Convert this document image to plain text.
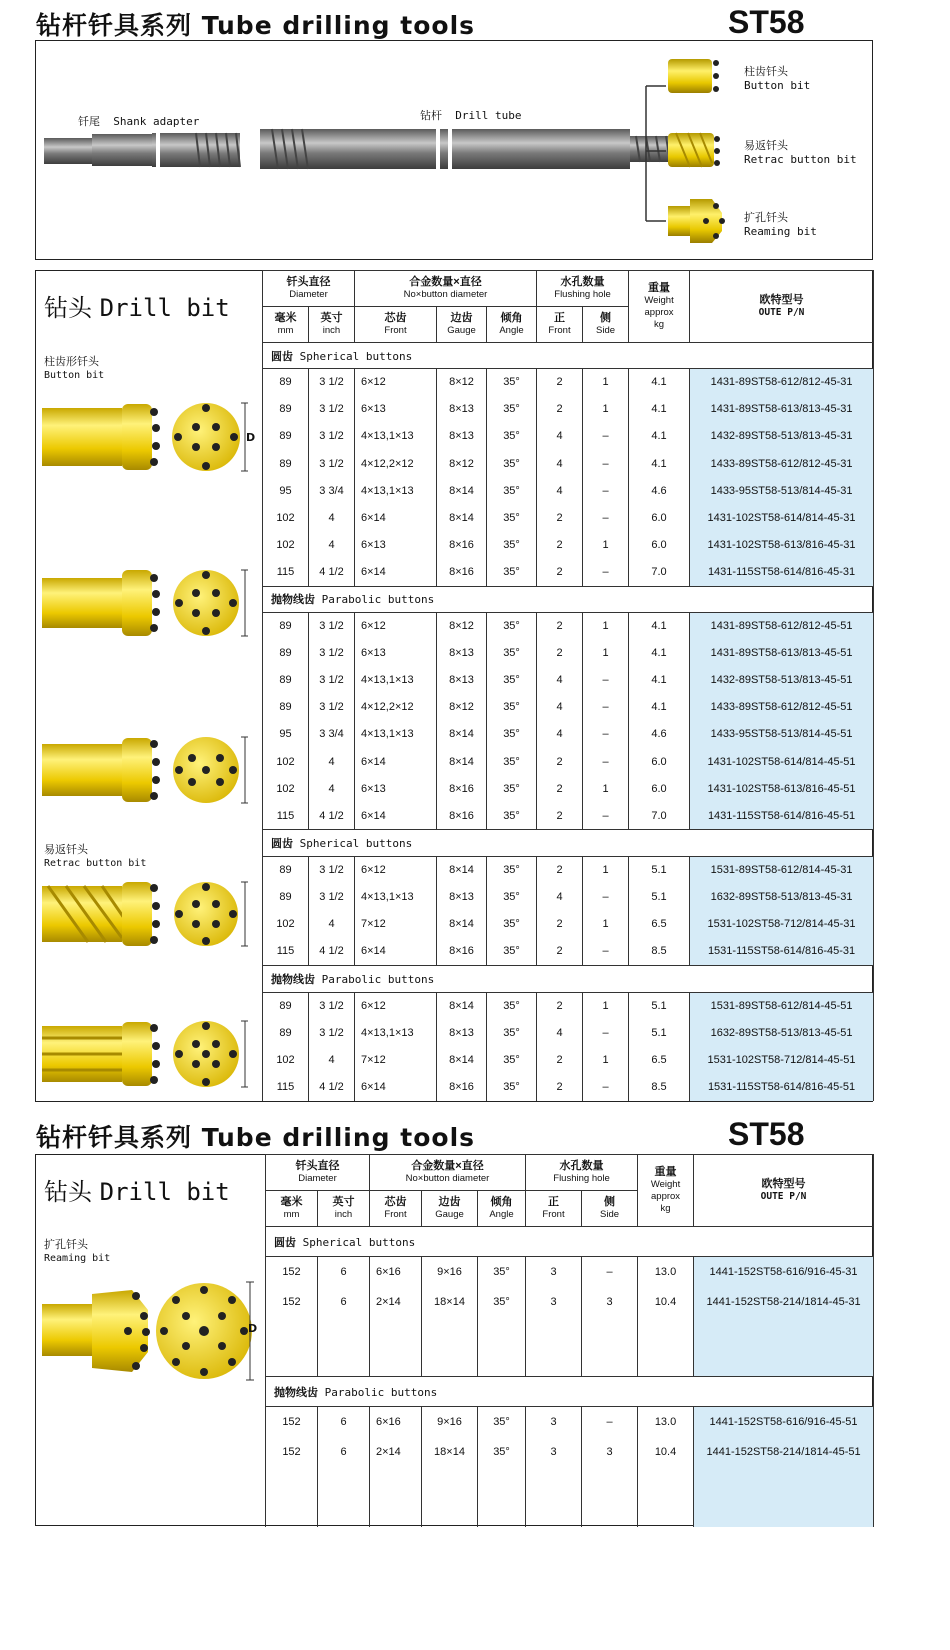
钻杆钎具系列 Tube drilling tools	ST58
钎尾 Shank adapter	钻杆 Drill tube
柱齿钎头
Button bit
易返钎头
Retrac button bit
扩孔钎头
Reaming bit
钻头 Drill bit
柱齿形钎头
Button bit
易返钎头
Retrac button bit
D
钎头直径
Diameter		合金数量×直径
No×button diameter			水孔数量
Flushing hole		重量
Weight
approx
kg	欧特型号
OUTE P/N

毫米
mm	英寸
inch	芯齿
Front	边齿
Gauge	倾角
Angle	正
Front	侧
Side		

圆齿 Spherical buttons								
89	3 1/2	6×12	8×12	35°	2	1	4.1	1431-89ST58-612/812-45-31
89	3 1/2	6×13	8×13	35°	2	1	4.1	1431-89ST58-613/813-45-31
89	3 1/2	4×13,1×13	8×13	35°	4	–	4.1	1432-89ST58-513/813-45-31
89	3 1/2	4×12,2×12	8×12	35°	4	–	4.1	1433-89ST58-612/812-45-31
95	3 3/4	4×13,1×13	8×14	35°	4	–	4.6	1433-95ST58-513/814-45-31
102	4	6×14	8×14	35°	2	–	6.0	1431-102ST58-614/814-45-31
102	4	6×13	8×16	35°	2	1	6.0	1431-102ST58-613/816-45-31
115	4 1/2	6×14	8×16	35°	2	–	7.0	1431-115ST58-614/816-45-31
抛物线齿 Parabolic buttons								
89	3 1/2	6×12	8×12	35°	2	1	4.1	1431-89ST58-612/812-45-51
89	3 1/2	6×13	8×13	35°	2	1	4.1	1431-89ST58-613/813-45-51
89	3 1/2	4×13,1×13	8×13	35°	4	–	4.1	1432-89ST58-513/813-45-51
89	3 1/2	4×12,2×12	8×12	35°	4	–	4.1	1433-89ST58-612/812-45-51
95	3 3/4	4×13,1×13	8×14	35°	4	–	4.6	1433-95ST58-513/814-45-51
102	4	6×14	8×14	35°	2	–	6.0	1431-102ST58-614/814-45-51
102	4	6×13	8×16	35°	2	1	6.0	1431-102ST58-613/816-45-51
115	4 1/2	6×14	8×16	35°	2	–	7.0	1431-115ST58-614/816-45-51
圆齿 Spherical buttons								
89	3 1/2	6×12	8×14	35°	2	1	5.1	1531-89ST58-612/814-45-31
89	3 1/2	4×13,1×13	8×13	35°	4	–	5.1	1632-89ST58-513/813-45-31
102	4	7×12	8×14	35°	2	1	6.5	1531-102ST58-712/814-45-31
115	4 1/2	6×14	8×16	35°	2	–	8.5	1531-115ST58-614/816-45-31
抛物线齿 Parabolic buttons								
89	3 1/2	6×12	8×14	35°	2	1	5.1	1531-89ST58-612/814-45-51
89	3 1/2	4×13,1×13	8×13	35°	4	–	5.1	1632-89ST58-513/813-45-51
102	4	7×12	8×14	35°	2	1	6.5	1531-102ST58-712/814-45-51
115	4 1/2	6×14	8×16	35°	2	–	8.5	1531-115ST58-614/816-45-51
钻杆钎具系列 Tube drilling tools	ST58
钻头 Drill bit
扩孔钎头
Reaming bit
D
钎头直径
Diameter		合金数量×直径
No×button diameter			水孔数量
Flushing hole		重量
Weight
approx
kg	欧特型号
OUTE P/N

毫米
mm	英寸
inch	芯齿
Front	边齿
Gauge	倾角
Angle	正
Front	侧
Side		

圆齿 Spherical buttons								
152	6	6×16	9×16	35°	3	–	13.0	1441-152ST58-616/916-45-31
152	6	2×14	18×14	35°	3	3	10.4	1441-152ST58-214/1814-45-31

抛物线齿 Parabolic buttons								
152	6	6×16	9×16	35°	3	–	13.0	1441-152ST58-616/916-45-51
152	6	2×14	18×14	35°	3	3	10.4	1441-152ST58-214/1814-45-51
